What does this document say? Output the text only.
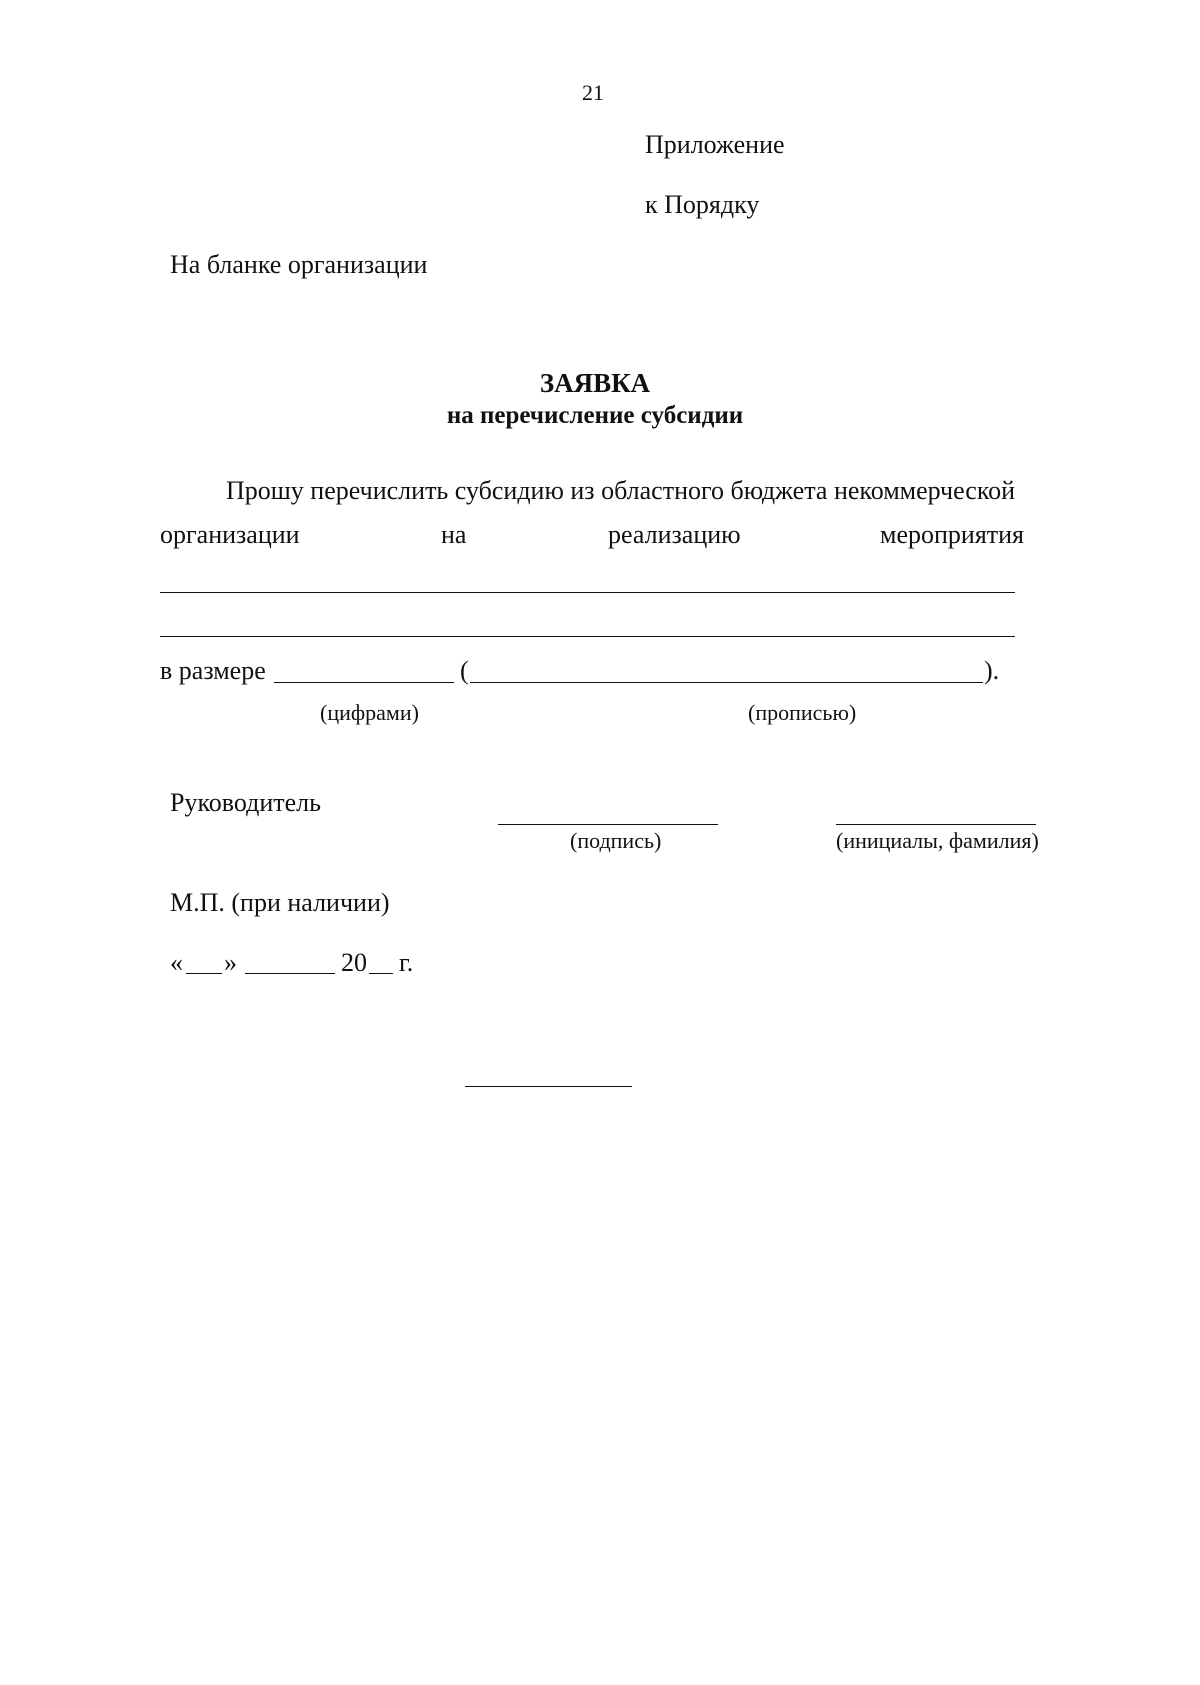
21
Приложение
к Порядку
На бланке организации
ЗАЯВКА
на перечисление субсидии
Прошу перечислить субсидию из областного бюджета некоммерческой
организации	на	реализацию	мероприятия
в размере	(	).
(цифрами)	(прописью)
Руководитель
(подпись)	(инициалы, фамилия)
М.П. (при наличии)
« »	20 г.
